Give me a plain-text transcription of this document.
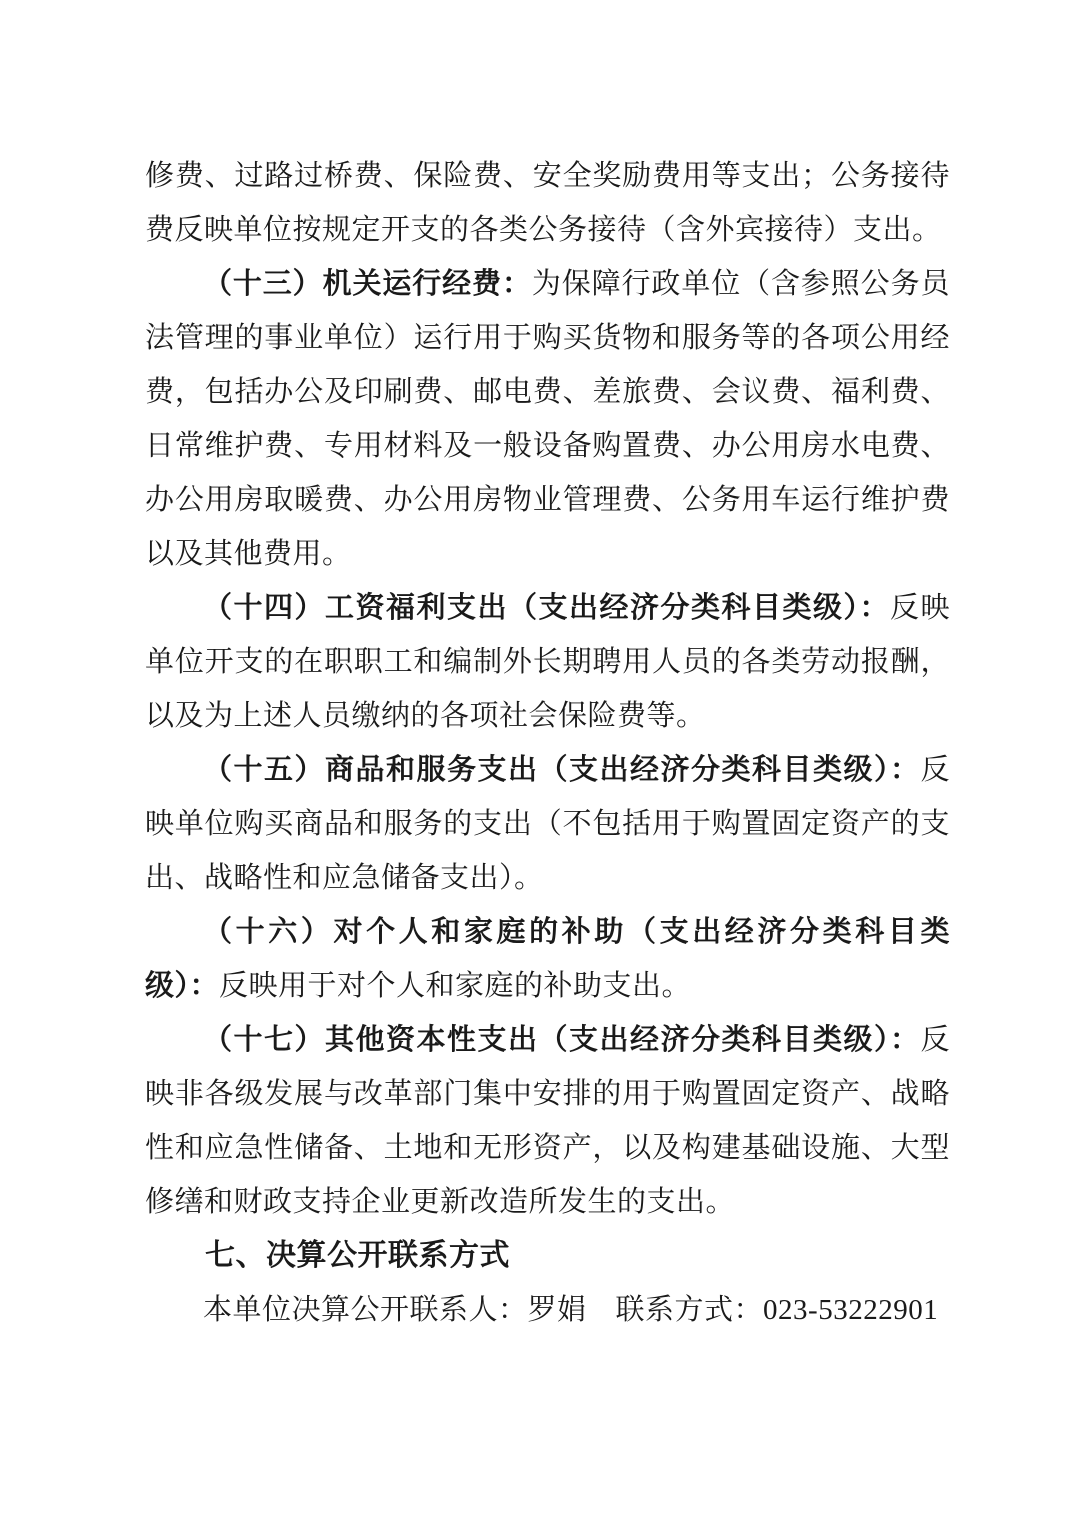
修费、过路过桥费、保险费、安全奖励费用等支出；公务接待费反映单位按规定开支的各类公务接待（含外宾接待）支出。

（十三）机关运行经费：为保障行政单位（含参照公务员法管理的事业单位）运行用于购买货物和服务等的各项公用经费，包括办公及印刷费、邮电费、差旅费、会议费、福利费、日常维护费、专用材料及一般设备购置费、办公用房水电费、办公用房取暖费、办公用房物业管理费、公务用车运行维护费以及其他费用。

（十四）工资福利支出（支出经济分类科目类级）：反映单位开支的在职职工和编制外长期聘用人员的各类劳动报酬，以及为上述人员缴纳的各项社会保险费等。

（十五）商品和服务支出（支出经济分类科目类级）：反映单位购买商品和服务的支出（不包括用于购置固定资产的支出、战略性和应急储备支出）。

（十六）对个人和家庭的补助（支出经济分类科目类级）：反映用于对个人和家庭的补助支出。

（十七）其他资本性支出（支出经济分类科目类级）：反映非各级发展与改革部门集中安排的用于购置固定资产、战略性和应急性储备、土地和无形资产，以及构建基础设施、大型修缮和财政支持企业更新改造所发生的支出。

七、决算公开联系方式

本单位决算公开联系人：罗娟 联系方式：023-53222901
